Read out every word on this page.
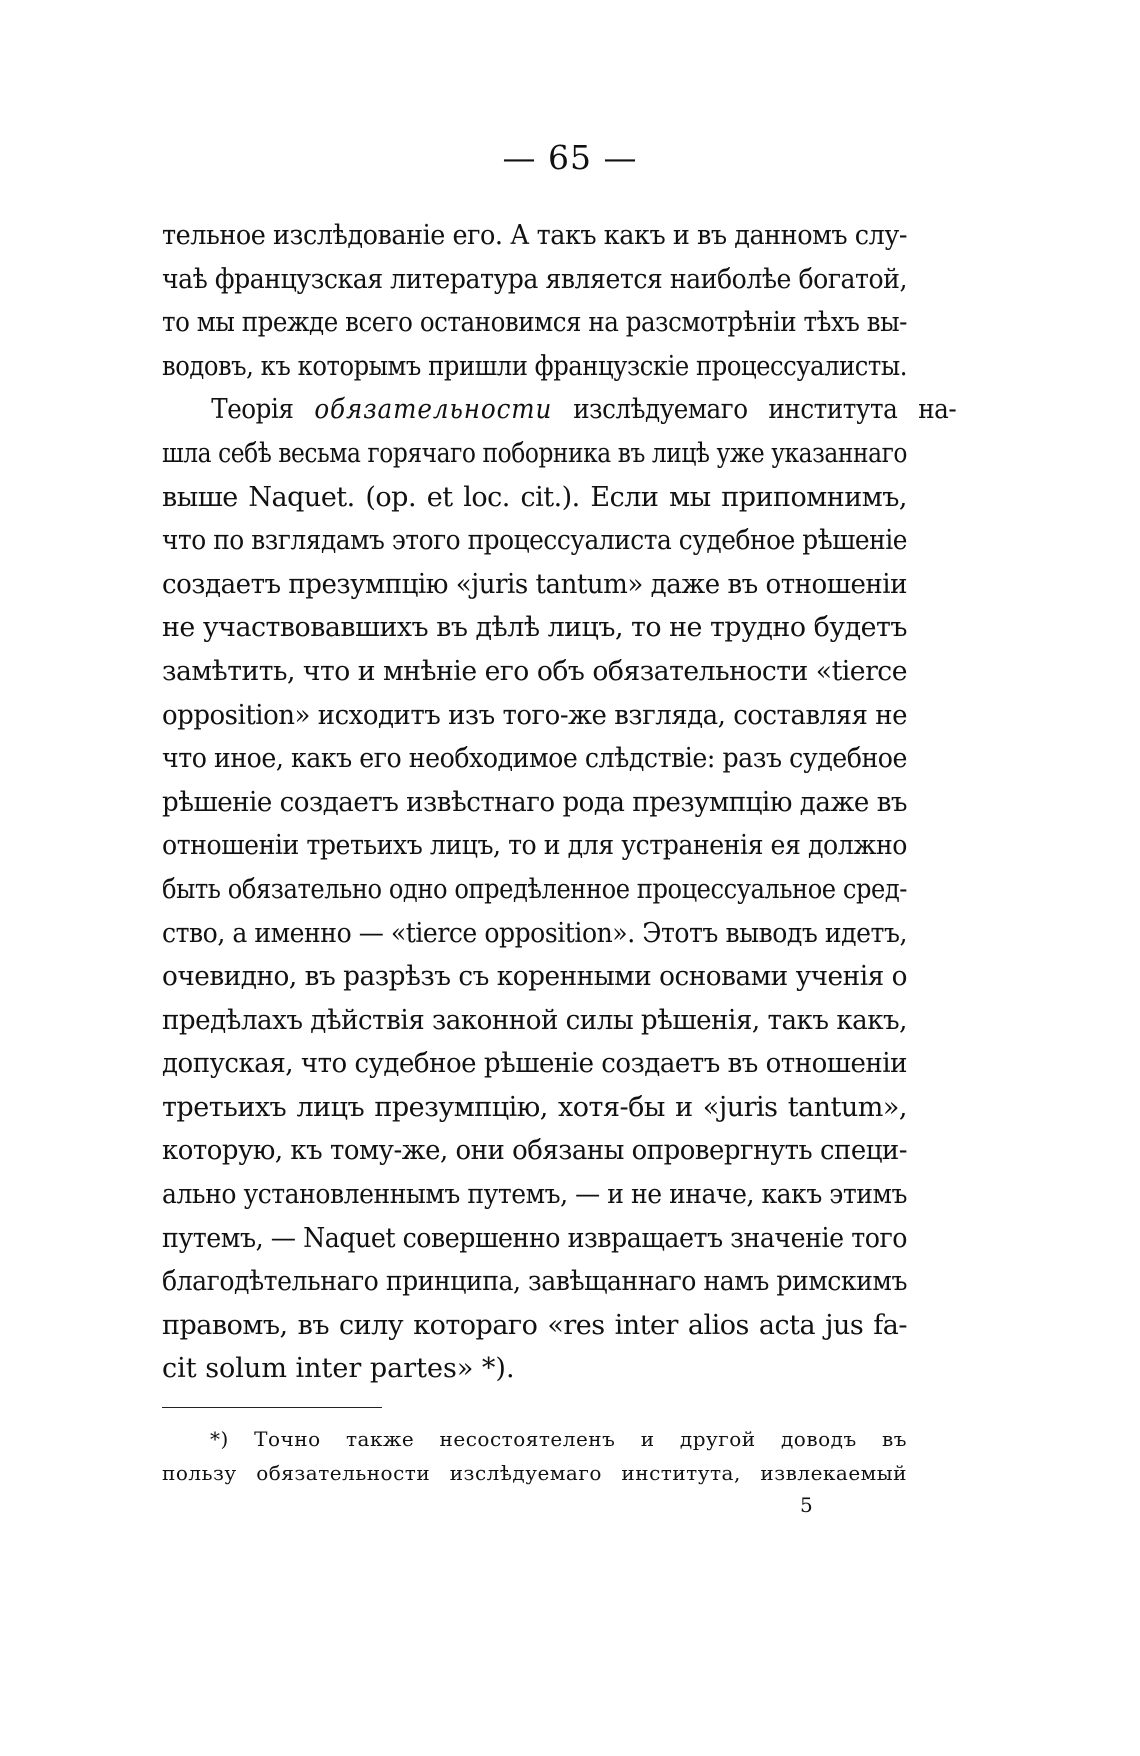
— 65 —
тельное изслѣдованіе его. А такъ какъ и въ данномъ слу-
чаѣ французская литература является наиболѣе богатой,
то мы прежде всего остановимся на разсмотрѣніи тѣхъ вы-
водовъ, къ которымъ пришли французскіе процессуалисты.
Теорія обязательности изслѣдуемаго института на-
шла себѣ весьма горячаго поборника въ лицѣ уже указаннаго
выше Naquet. (op. et loc. cit.). Если мы припомнимъ,
что по взглядамъ этого процессуалиста судебное рѣшеніе
создаетъ презумпцію «juris tantum» даже въ отношеніи
не участвовавшихъ въ дѣлѣ лицъ, то не трудно будетъ
замѣтить, что и мнѣніе его объ обязательности «tierce
opposition» исходитъ изъ того-же взгляда, составляя не
что иное, какъ его необходимое слѣдствіе: разъ судебное
рѣшеніе создаетъ извѣстнаго рода презумпцію даже въ
отношеніи третьихъ лицъ, то и для устраненія ея должно
быть обязательно одно опредѣленное процессуальное сред-
ство, а именно — «tierce opposition». Этотъ выводъ идетъ,
очевидно, въ разрѣзъ съ коренными основами ученія о
предѣлахъ дѣйствія законной силы рѣшенія, такъ какъ,
допуская, что судебное рѣшеніе создаетъ въ отношеніи
третьихъ лицъ презумпцію, хотя-бы и «juris tantum»,
которую, къ тому-же, они обязаны опровергнуть специ-
ально установленнымъ путемъ, — и не иначе, какъ этимъ
путемъ, — Naquet совершенно извращаетъ значеніе того
благодѣтельнаго принципа, завѣщаннаго намъ римскимъ
правомъ, въ силу котораго «res inter alios acta jus fa-
cit solum inter partes» *).
*) Точно также несостоятеленъ и другой доводъ въ
пользу обязательности изслѣдуемаго института, извлекаемый
5
